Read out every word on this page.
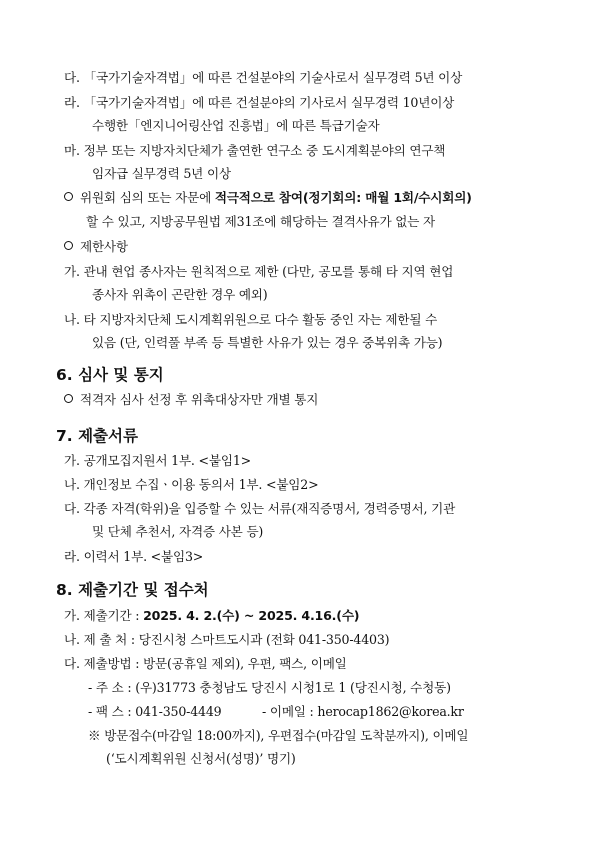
다. 「국가기술자격법」에 따른 건설분야의 기술사로서 실무경력 5년 이상
라. 「국가기술자격법」에 따른 건설분야의 기사로서 실무경력 10년이상
수행한「엔지니어링산업 진흥법」에 따른 특급기술자
마. 정부 또는 지방자치단체가 출연한 연구소 중 도시계획분야의 연구책
임자급 실무경력 5년 이상
위원회 심의 또는 자문에 적극적으로 참여(정기회의: 매월 1회/수시회의)
할 수 있고, 지방공무원법 제31조에 해당하는 결격사유가 없는 자
제한사항
가. 관내 현업 종사자는 원칙적으로 제한 (다만, 공모를 통해 타 지역 현업
종사자 위촉이 곤란한 경우 예외)
나. 타 지방자치단체 도시계획위원으로 다수 활동 중인 자는 제한될 수
있음 (단, 인력풀 부족 등 특별한 사유가 있는 경우 중복위촉 가능)
6. 심사 및 통지
적격자 심사 선정 후 위촉대상자만 개별 통지
7. 제출서류
가. 공개모집지원서 1부. <붙임1>
나. 개인정보 수집ㆍ이용 동의서 1부. <붙임2>
다. 각종 자격(학위)을 입증할 수 있는 서류(재직증명서, 경력증명서, 기관
및 단체 추천서, 자격증 사본 등)
라. 이력서 1부. <붙임3>
8. 제출기간 및 접수처
가. 제출기간 : 2025. 4. 2.(수) ~ 2025. 4.16.(수)
나. 제 출 처 : 당진시청 스마트도시과 (전화 041-350-4403)
다. 제출방법 : 방문(공휴일 제외), 우편, 팩스, 이메일
- 주 소 : (우)31773 충청남도 당진시 시청1로 1 (당진시청, 수청동)
- 팩 스 : 041-350-4449	- 이메일 : herocap1862@korea.kr
※ 방문접수(마감일 18:00까지), 우편접수(마감일 도착분까지), 이메일
(‘도시계획위원 신청서(성명)’ 명기)
